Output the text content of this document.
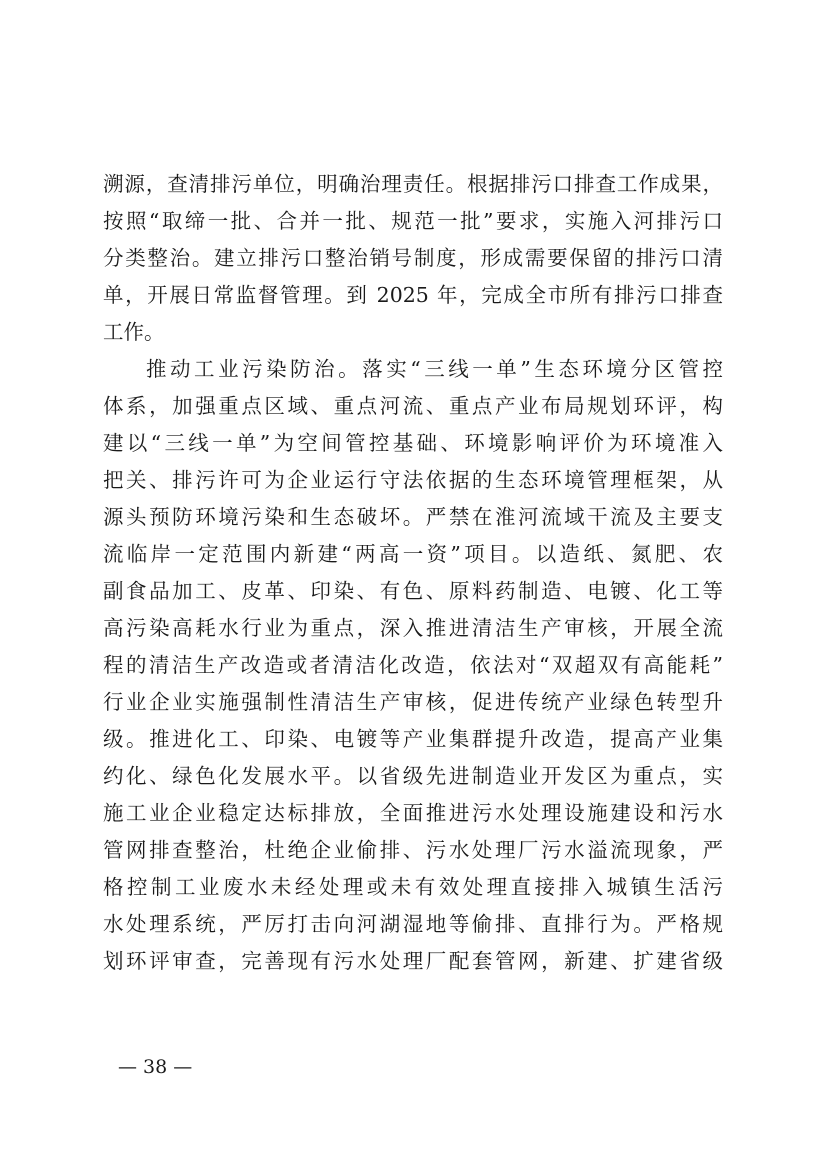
溯源，查清排污单位，明确治理责任。根据排污口排查工作成果，
按照“取缔一批、合并一批、规范一批”要求，实施入河排污口
分类整治。建立排污口整治销号制度，形成需要保留的排污口清
单，开展日常监督管理。到 2025 年，完成全市所有排污口排查
工作。
推动工业污染防治。落实“三线一单”生态环境分区管控
体系，加强重点区域、重点河流、重点产业布局规划环评，构
建以“三线一单”为空间管控基础、环境影响评价为环境准入
把关、排污许可为企业运行守法依据的生态环境管理框架，从
源头预防环境污染和生态破坏。严禁在淮河流域干流及主要支
流临岸一定范围内新建“两高一资”项目。以造纸、氮肥、农
副食品加工、皮革、印染、有色、原料药制造、电镀、化工等
高污染高耗水行业为重点，深入推进清洁生产审核，开展全流
程的清洁生产改造或者清洁化改造，依法对“双超双有高能耗”
行业企业实施强制性清洁生产审核，促进传统产业绿色转型升
级。推进化工、印染、电镀等产业集群提升改造，提高产业集
约化、绿色化发展水平。以省级先进制造业开发区为重点，实
施工业企业稳定达标排放，全面推进污水处理设施建设和污水
管网排查整治，杜绝企业偷排、污水处理厂污水溢流现象，严
格控制工业废水未经处理或未有效处理直接排入城镇生活污
水处理系统，严厉打击向河湖湿地等偷排、直排行为。严格规
划环评审查，完善现有污水处理厂配套管网，新建、扩建省级
— 38 —
